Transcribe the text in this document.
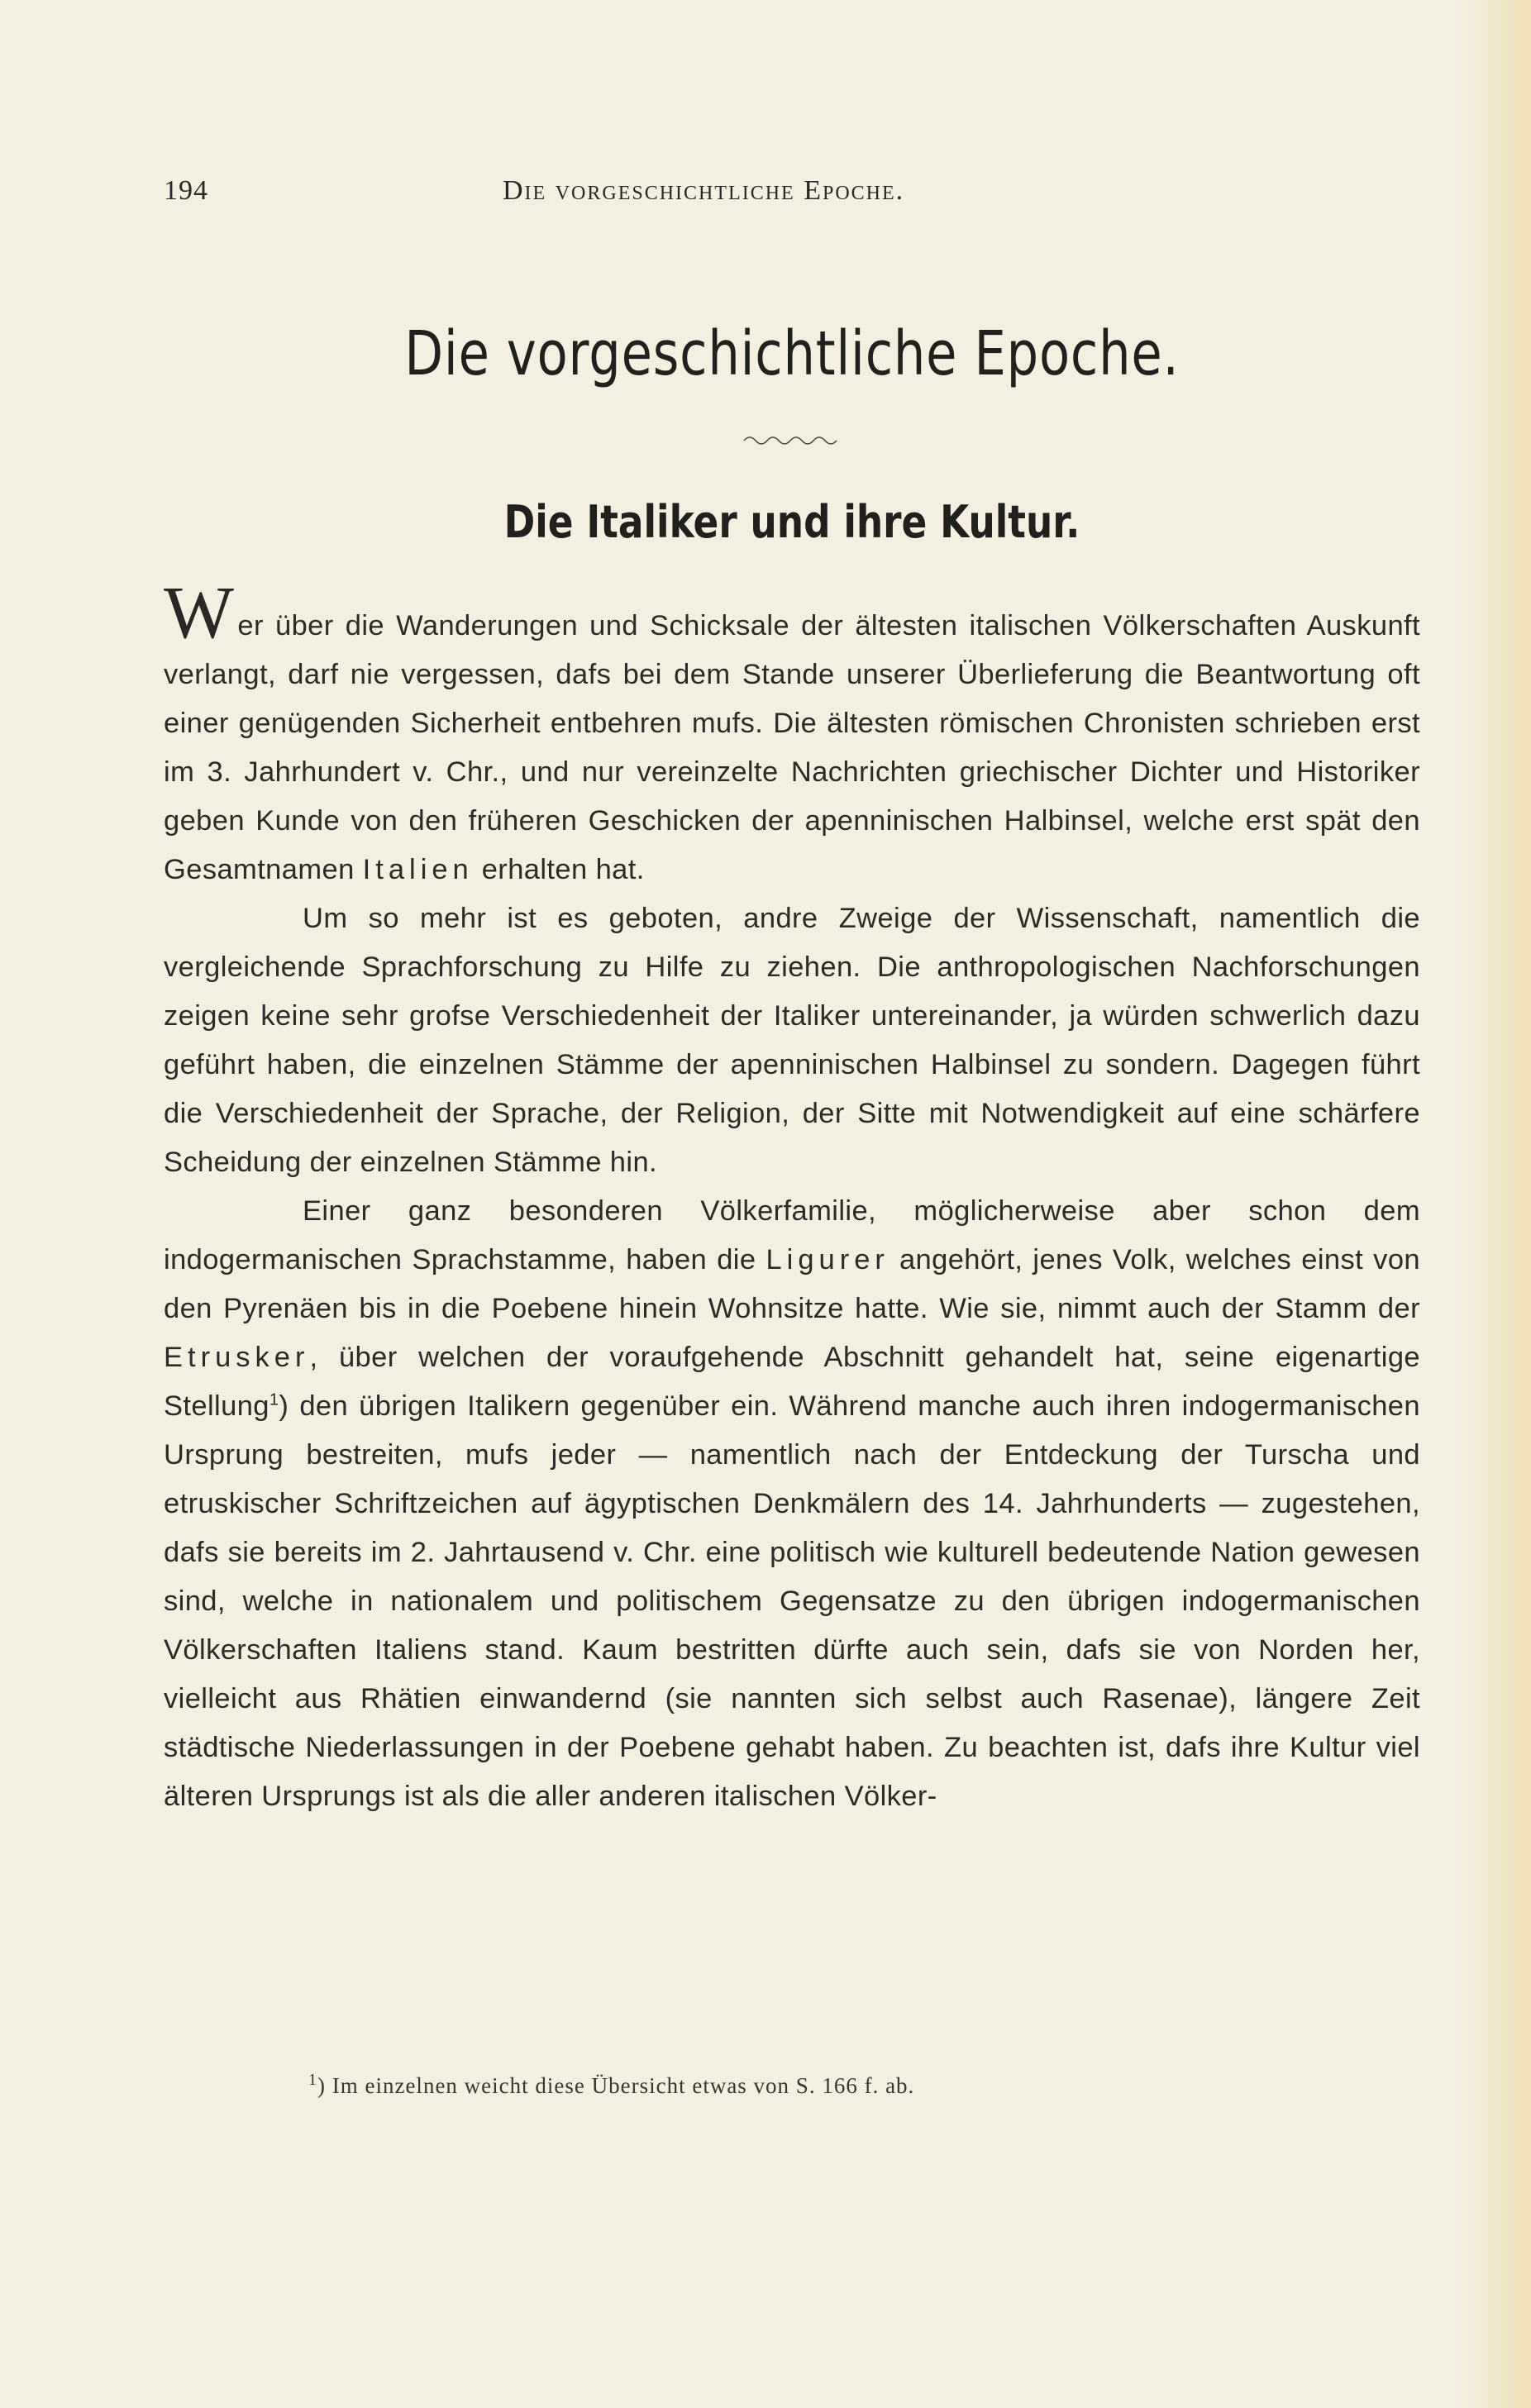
194	Die vorgeschichtliche Epoche.
Die vorgeschichtliche Epoche.
Die Italiker und ihre Kultur.

Wer über die Wanderungen und Schicksale der ältesten italischen Völkerschaften Auskunft verlangt, darf nie vergessen, dafs bei dem Stande unserer Überlieferung die Beantwortung oft einer genügenden Sicherheit entbehren mufs. Die ältesten römischen Chronisten schrieben erst im 3. Jahrhundert v. Chr., und nur vereinzelte Nachrichten griechischer Dichter und Historiker geben Kunde von den früheren Geschicken der apenninischen Halbinsel, welche erst spät den Gesamtnamen Italien erhalten hat.

Um so mehr ist es geboten, andre Zweige der Wissenschaft, namentlich die vergleichende Sprachforschung zu Hilfe zu ziehen. Die anthropologischen Nachforschungen zeigen keine sehr grofse Verschiedenheit der Italiker untereinander, ja würden schwerlich dazu geführt haben, die einzelnen Stämme der apenninischen Halbinsel zu sondern. Dagegen führt die Verschiedenheit der Sprache, der Religion, der Sitte mit Notwendigkeit auf eine schärfere Scheidung der einzelnen Stämme hin.

Einer ganz besonderen Völkerfamilie, möglicherweise aber schon dem indogermanischen Sprachstamme, haben die Ligurer angehört, jenes Volk, welches einst von den Pyrenäen bis in die Poebene hinein Wohnsitze hatte. Wie sie, nimmt auch der Stamm der Etrusker, über welchen der voraufgehende Abschnitt gehandelt hat, seine eigenartige Stellung$^1$) den übrigen Italikern gegenüber ein. Während manche auch ihren indogermanischen Ursprung bestreiten, mufs jeder — namentlich nach der Entdeckung der Turscha und etruskischer Schriftzeichen auf ägyptischen Denkmälern des 14. Jahrhunderts — zugestehen, dafs sie bereits im 2. Jahrtausend v. Chr. eine politisch wie kulturell bedeutende Nation gewesen sind, welche in nationalem und politischem Gegensatze zu den übrigen indogermanischen Völkerschaften Italiens stand. Kaum bestritten dürfte auch sein, dafs sie von Norden her, vielleicht aus Rhätien einwandernd (sie nannten sich selbst auch Rasenae), längere Zeit städtische Niederlassungen in der Poebene gehabt haben. Zu beachten ist, dafs ihre Kultur viel älteren Ursprungs ist als die aller anderen italischen Völker-

$^1$) Im einzelnen weicht diese Übersicht etwas von S. 166 f. ab.
